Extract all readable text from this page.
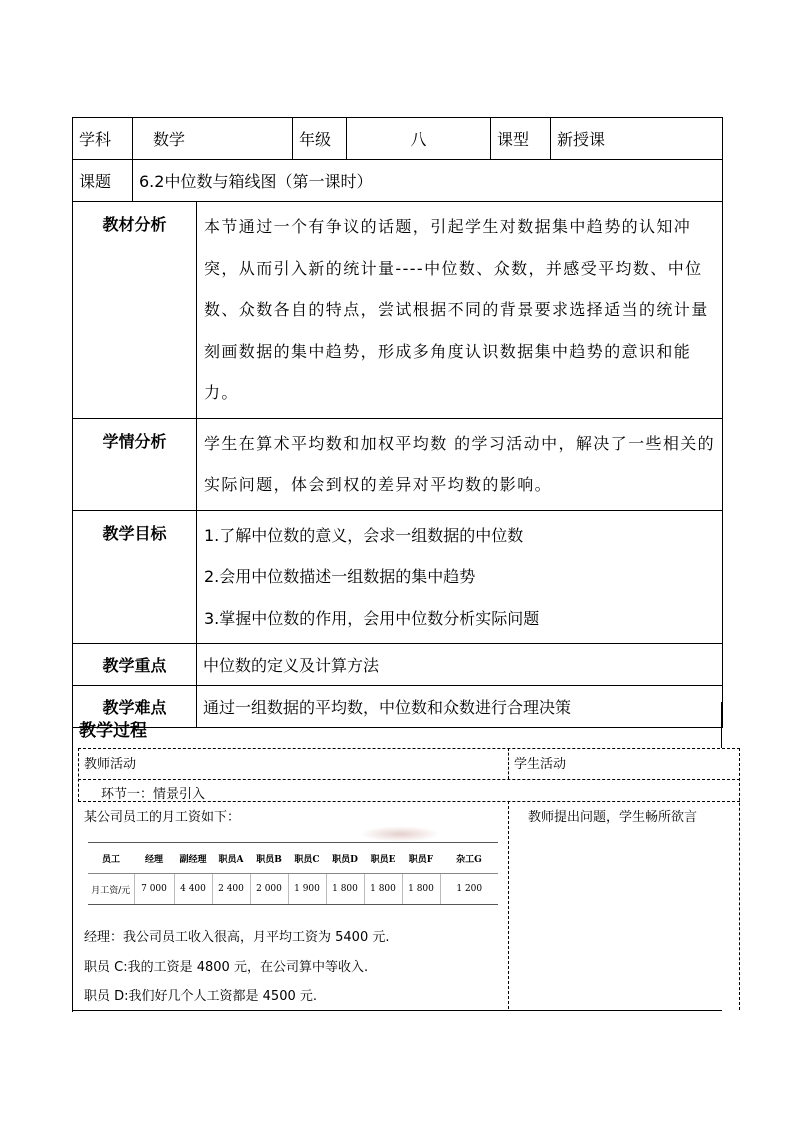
学科	数学		年级	八	课型	新授课
课题	6.2中位数与箱线图（第一课时）					
教材分析		本节通过一个有争议的话题，引起学生对数据集中趋势的认知冲突，从而引入新的统计量----中位数、众数，并感受平均数、中位数、众数各自的特点，尝试根据不同的背景要求选择适当的统计量刻画数据的集中趋势，形成多角度认识数据集中趋势的意识和能力。				
学情分析		学生在算术平均数和加权平均数 的学习活动中，解决了一些相关的实际问题，体会到权的差异对平均数的影响。				
教学目标		1.了解中位数的意义，会求一组数据的中位数
2.会用中位数描述一组数据的集中趋势
3.掌握中位数的作用，会用中位数分析实际问题				

教学重点		中位数的定义及计算方法				
教学难点		通过一组数据的平均数，中位数和众数进行合理决策				
教学过程
教师活动	学生活动
环节一：情景引入
某公司员工的月工资如下：	教师提出问题，学生畅所欲言
员工	经理	副经理	职员A	职员B	职员C	职员D	职员E	职员F	杂工G
月工资/元	7 000	4 400	2 400	2 000	1 900	1 800	1 800	1 800	1 200
经理：我公司员工收入很高，月平均工资为 5400 元.
职员 C:我的工资是 4800 元，在公司算中等收入.
职员 D:我们好几个人工资都是 4500 元.
